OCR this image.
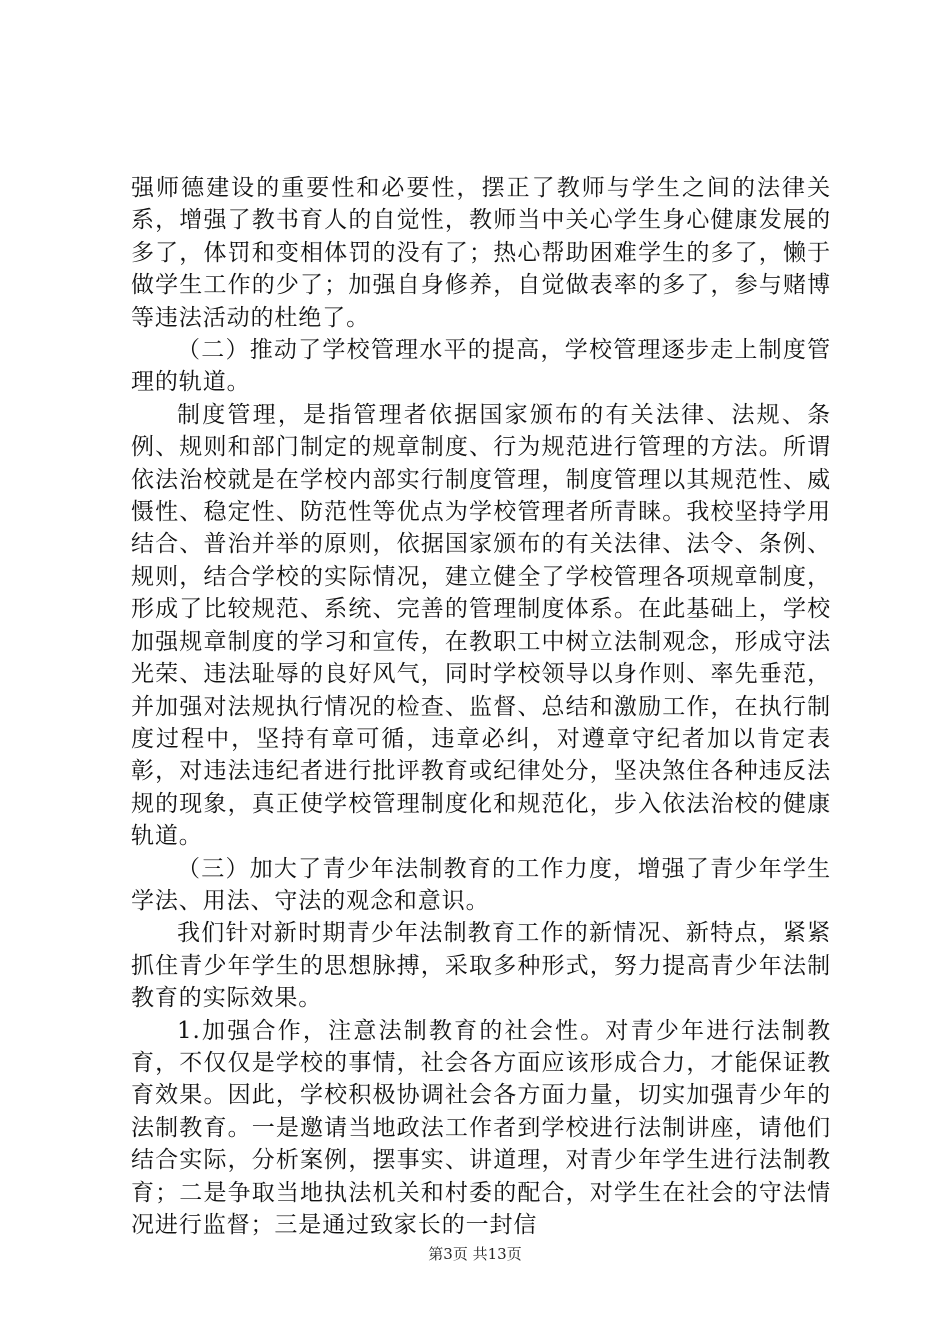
强师德建设的重要性和必要性，摆正了教师与学生之间的法律关系，增强了教书育人的自觉性，教师当中关心学生身心健康发展的多了，体罚和变相体罚的没有了；热心帮助困难学生的多了，懒于做学生工作的少了；加强自身修养，自觉做表率的多了，参与赌博等违法活动的杜绝了。

（二）推动了学校管理水平的提高，学校管理逐步走上制度管理的轨道。

制度管理，是指管理者依据国家颁布的有关法律、法规、条例、规则和部门制定的规章制度、行为规范进行管理的方法。所谓依法治校就是在学校内部实行制度管理，制度管理以其规范性、威慑性、稳定性、防范性等优点为学校管理者所青睐。我校坚持学用结合、普治并举的原则，依据国家颁布的有关法律、法令、条例、规则，结合学校的实际情况，建立健全了学校管理各项规章制度，形成了比较规范、系统、完善的管理制度体系。在此基础上，学校加强规章制度的学习和宣传，在教职工中树立法制观念，形成守法光荣、违法耻辱的良好风气，同时学校领导以身作则、率先垂范，并加强对法规执行情况的检查、监督、总结和激励工作，在执行制度过程中，坚持有章可循，违章必纠，对遵章守纪者加以肯定表彰，对违法违纪者进行批评教育或纪律处分，坚决煞住各种违反法规的现象，真正使学校管理制度化和规范化，步入依法治校的健康轨道。

（三）加大了青少年法制教育的工作力度，增强了青少年学生学法、用法、守法的观念和意识。

我们针对新时期青少年法制教育工作的新情况、新特点，紧紧抓住青少年学生的思想脉搏，采取多种形式，努力提高青少年法制教育的实际效果。

1.加强合作，注意法制教育的社会性。对青少年进行法制教育，不仅仅是学校的事情，社会各方面应该形成合力，才能保证教育效果。因此，学校积极协调社会各方面力量，切实加强青少年的法制教育。一是邀请当地政法工作者到学校进行法制讲座，请他们结合实际，分析案例，摆事实、讲道理，对青少年学生进行法制教育；二是争取当地执法机关和村委的配合，对学生在社会的守法情况进行监督；三是通过致家长的一封信

第3页 共13页
